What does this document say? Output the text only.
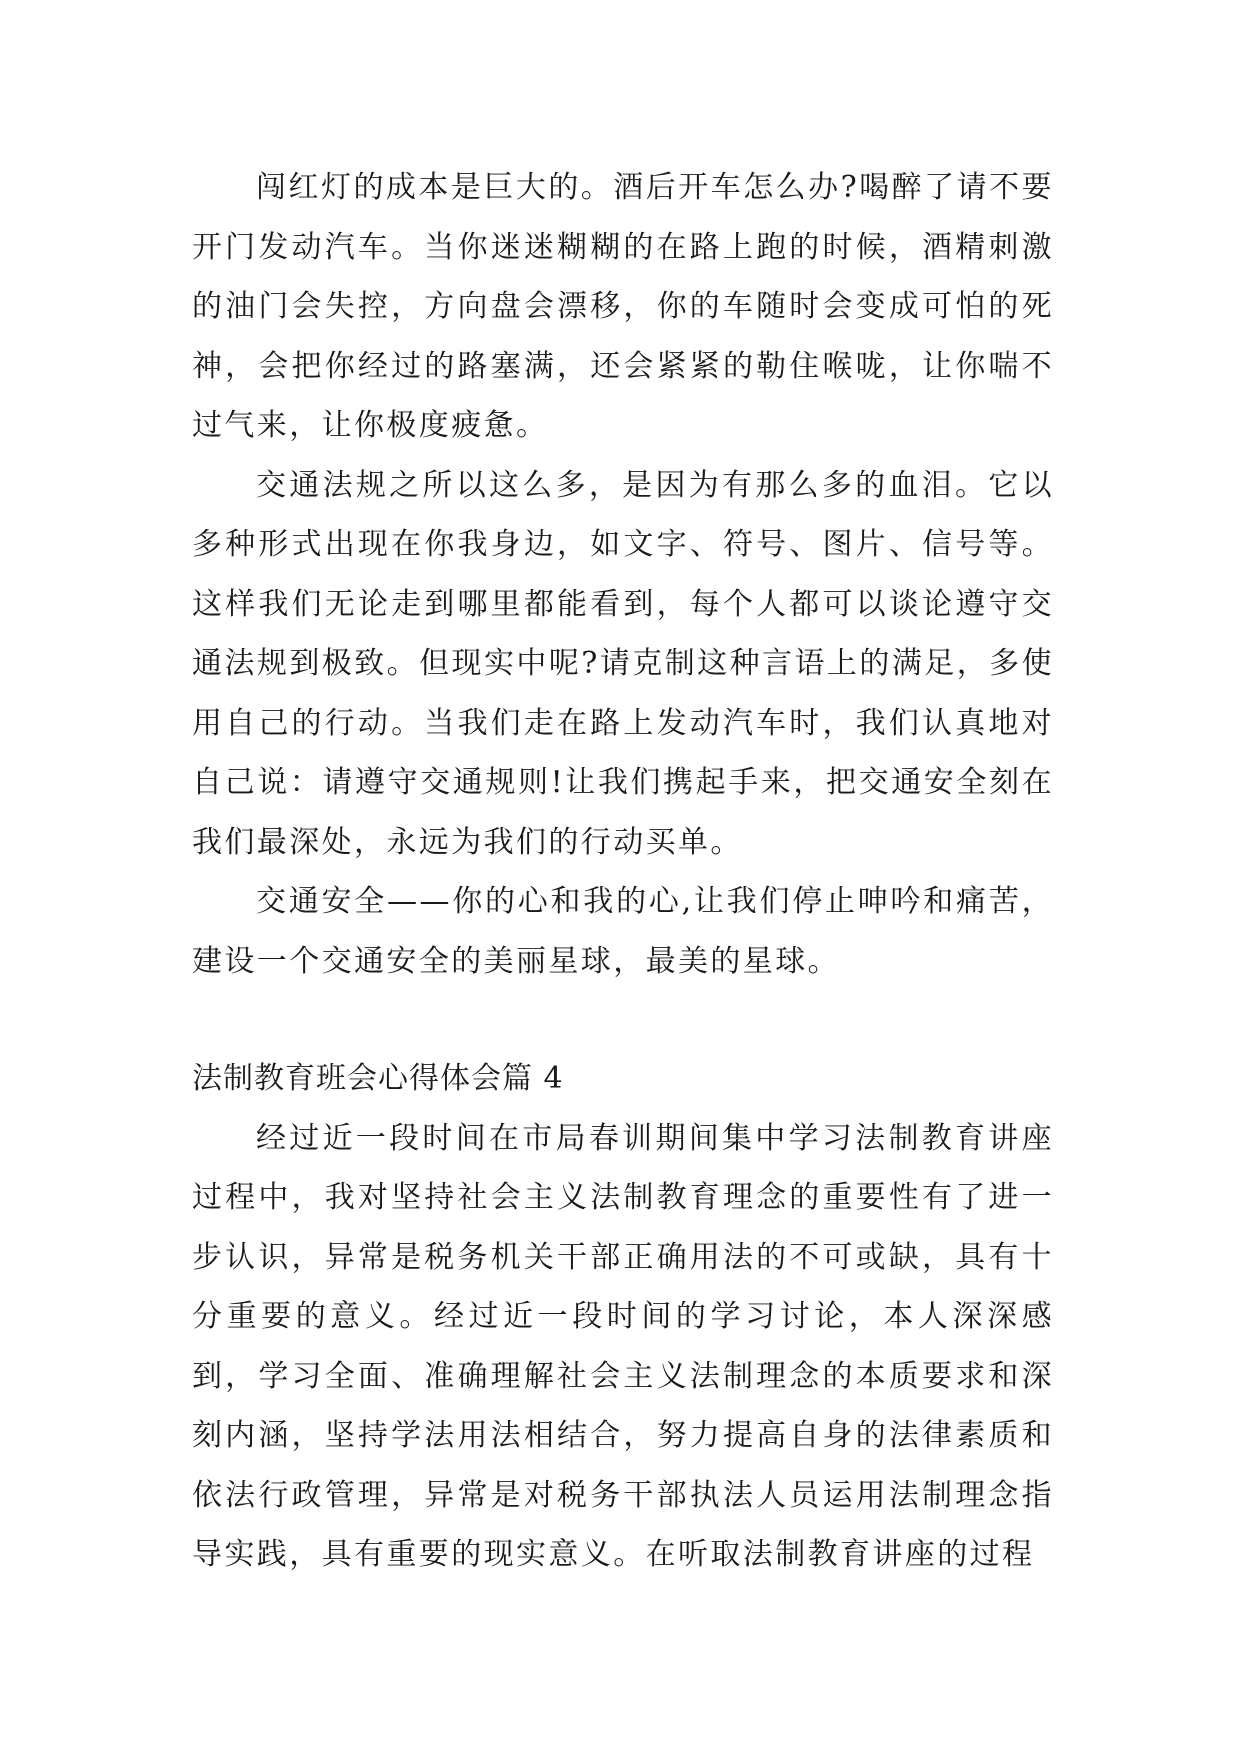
闯红灯的成本是巨大的。酒后开车怎么办?喝醉了请不要开门发动汽车。当你迷迷糊糊的在路上跑的时候，酒精刺激的油门会失控，方向盘会漂移，你的车随时会变成可怕的死神，会把你经过的路塞满，还会紧紧的勒住喉咙，让你喘不过气来，让你极度疲惫。

交通法规之所以这么多，是因为有那么多的血泪。它以多种形式出现在你我身边，如文字、符号、图片、信号等。这样我们无论走到哪里都能看到，每个人都可以谈论遵守交通法规到极致。但现实中呢?请克制这种言语上的满足，多使用自己的行动。当我们走在路上发动汽车时，我们认真地对自己说：请遵守交通规则!让我们携起手来，把交通安全刻在我们最深处，永远为我们的行动买单。

交通安全——你的心和我的心,让我们停止呻吟和痛苦，建设一个交通安全的美丽星球，最美的星球。

法制教育班会心得体会篇 4

经过近一段时间在市局春训期间集中学习法制教育讲座过程中，我对坚持社会主义法制教育理念的重要性有了进一步认识，异常是税务机关干部正确用法的不可或缺，具有十分重要的意义。经过近一段时间的学习讨论，本人深深感到，学习全面、准确理解社会主义法制理念的本质要求和深刻内涵，坚持学法用法相结合，努力提高自身的法律素质和依法行政管理，异常是对税务干部执法人员运用法制理念指导实践，具有重要的现实意义。在听取法制教育讲座的过程
